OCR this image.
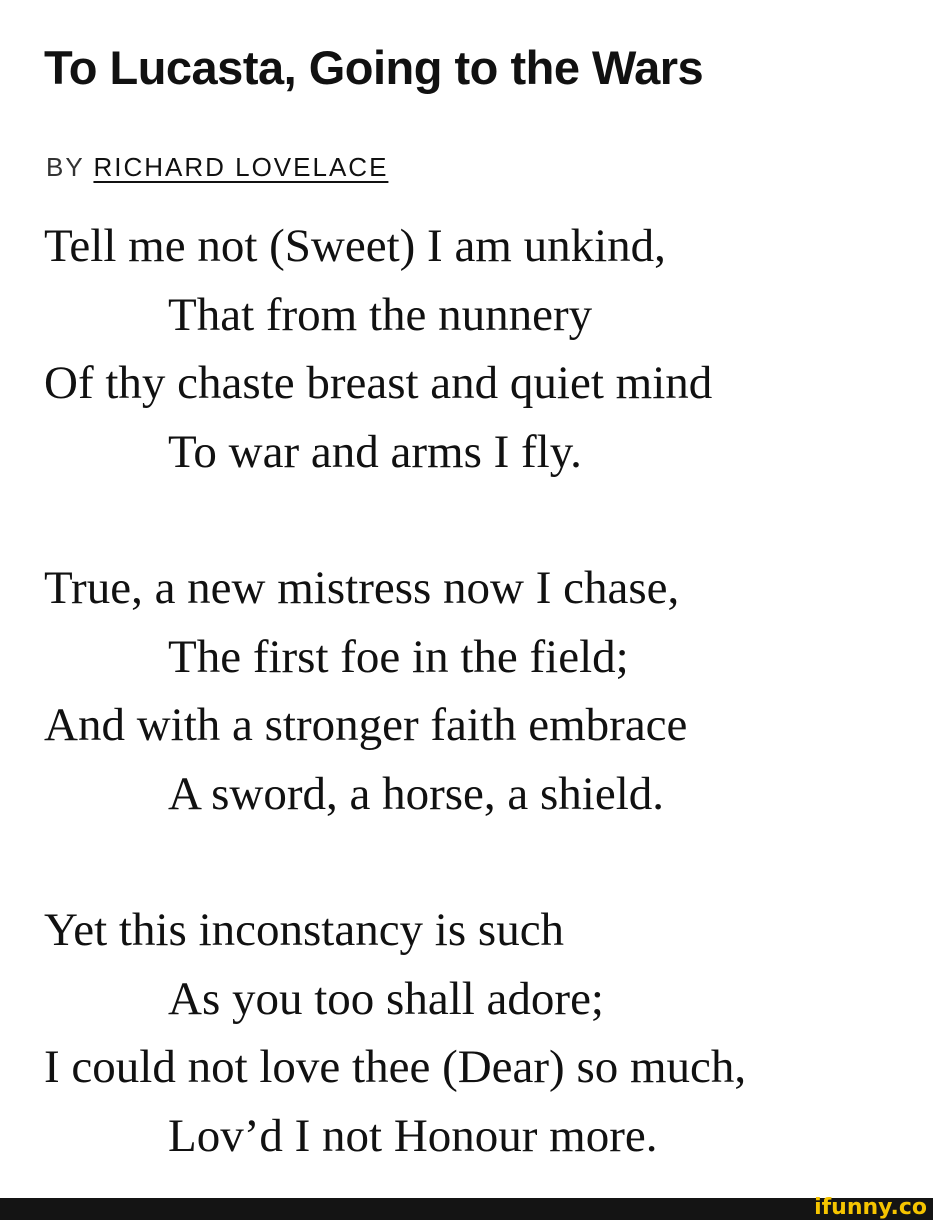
To Lucasta, Going to the Wars
BY RICHARD LOVELACE
Tell me not (Sweet) I am unkind,
That from the nunnery
Of thy chaste breast and quiet mind
To war and arms I fly.
True, a new mistress now I chase,
The first foe in the field;
And with a stronger faith embrace
A sword, a horse, a shield.
Yet this inconstancy is such
As you too shall adore;
I could not love thee (Dear) so much,
Lov’d I not Honour more.
ifunny.co
